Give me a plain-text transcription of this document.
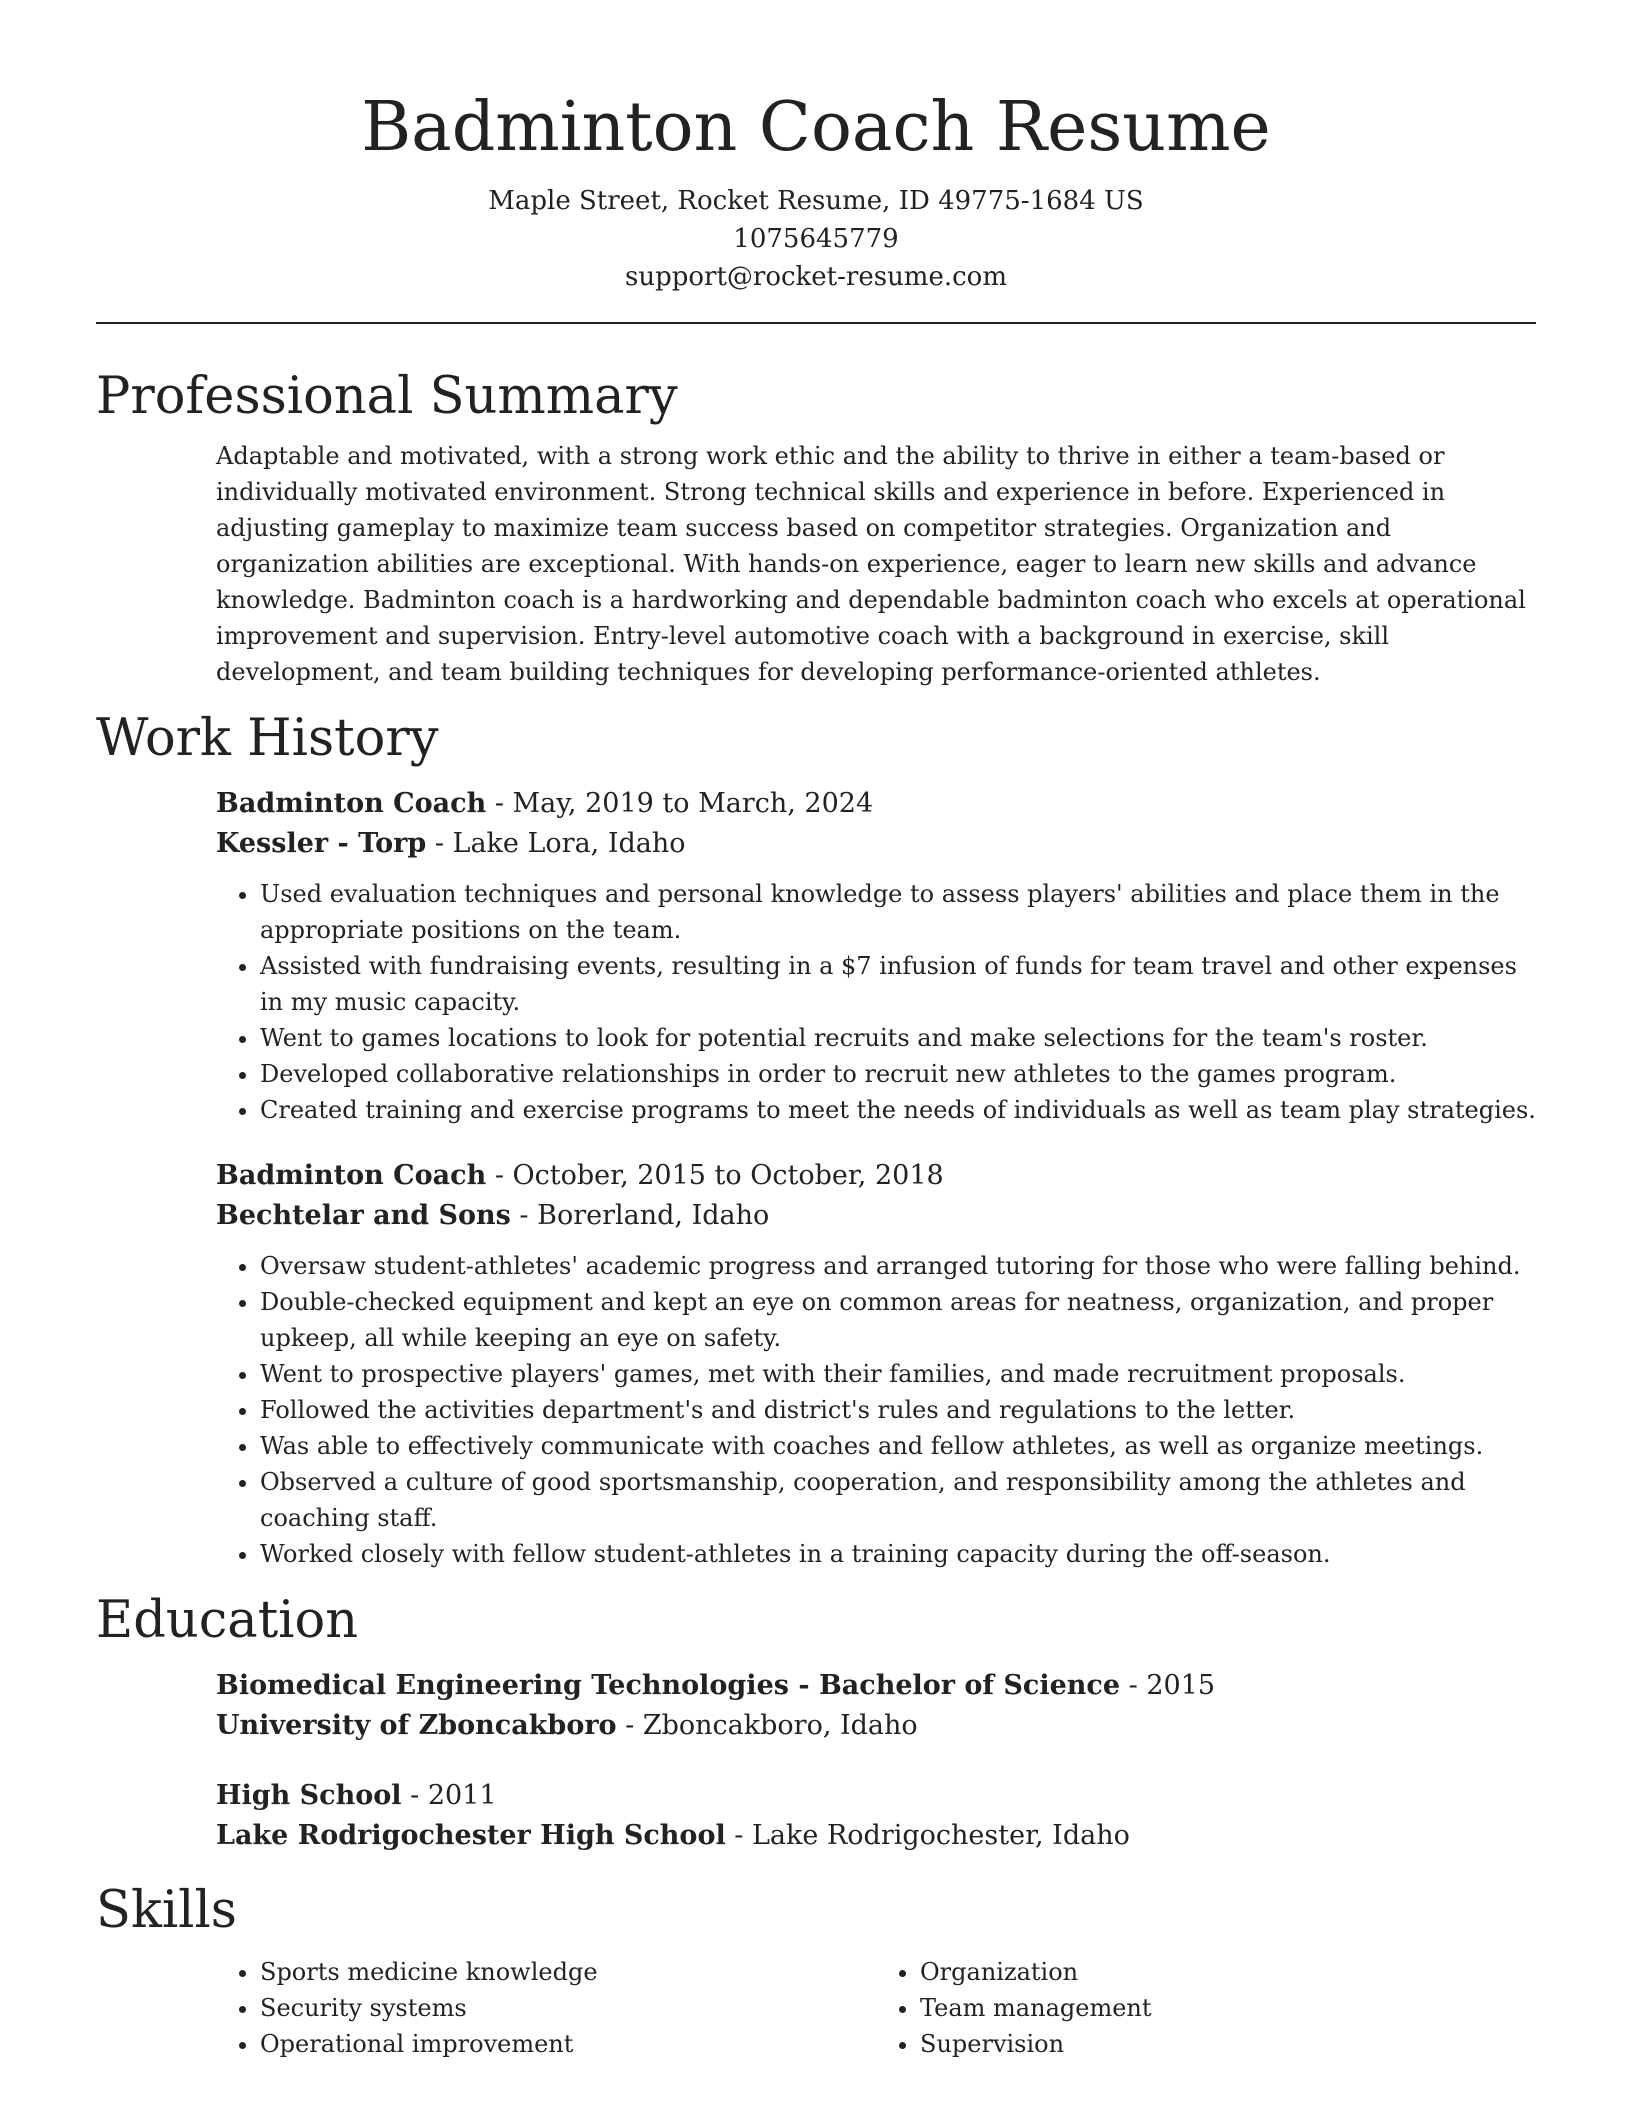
Badminton Coach Resume
Maple Street, Rocket Resume, ID 49775-1684 US
1075645779
support@rocket-resume.com
Professional Summary

Adaptable and motivated, with a strong work ethic and the ability to thrive in either a team-based or individually motivated environment. Strong technical skills and experience in before. Experienced in adjusting gameplay to maximize team success based on competitor strategies. Organization and organization abilities are exceptional. With hands-on experience, eager to learn new skills and advance knowledge. Badminton coach is a hardworking and dependable badminton coach who excels at operational improvement and supervision. Entry-level automotive coach with a background in exercise, skill development, and team building techniques for developing performance-oriented athletes.

Work History

Badminton Coach - May, 2019 to March, 2024

Kessler - Torp - Lake Lora, Idaho

• Used evaluation techniques and personal knowledge to assess players' abilities and place them in the appropriate positions on the team.
• Assisted with fundraising events, resulting in a $7 infusion of funds for team travel and other expenses in my music capacity.
• Went to games locations to look for potential recruits and make selections for the team's roster.
• Developed collaborative relationships in order to recruit new athletes to the games program.
• Created training and exercise programs to meet the needs of individuals as well as team play strategies.

Badminton Coach - October, 2015 to October, 2018

Bechtelar and Sons - Borerland, Idaho

• Oversaw student-athletes' academic progress and arranged tutoring for those who were falling behind.
• Double-checked equipment and kept an eye on common areas for neatness, organization, and proper upkeep, all while keeping an eye on safety.
• Went to prospective players' games, met with their families, and made recruitment proposals.
• Followed the activities department's and district's rules and regulations to the letter.
• Was able to effectively communicate with coaches and fellow athletes, as well as organize meetings.
• Observed a culture of good sportsmanship, cooperation, and responsibility among the athletes and coaching staff.
• Worked closely with fellow student-athletes in a training capacity during the off-season.
Education

Biomedical Engineering Technologies - Bachelor of Science - 2015

University of Zboncakboro - Zboncakboro, Idaho

High School - 2011

Lake Rodrigochester High School - Lake Rodrigochester, Idaho

Skills
• Sports medicine knowledge
• Security systems
• Operational improvement
• Organization
• Team management
• Supervision
